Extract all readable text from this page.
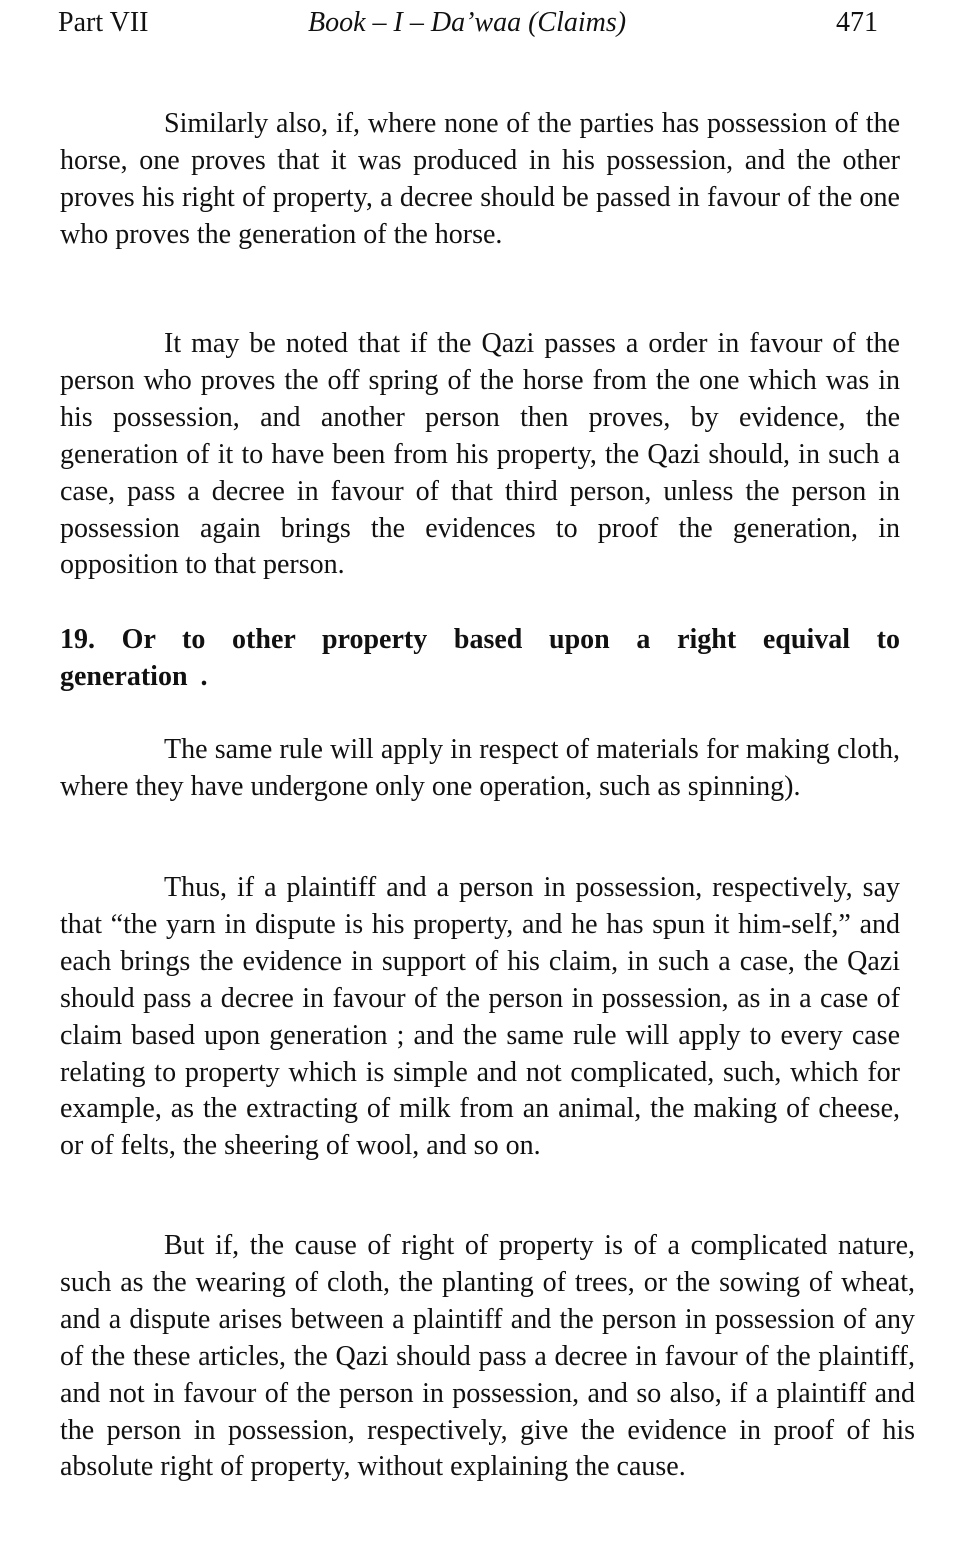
Part VII	Book – I – Da’waa (Claims)	471

Similarly also, if, where none of the parties has possession of the horse, one proves that it was produced in his possession, and the other proves his right of property, a decree should be passed in favour of the one who proves the generation of the horse.

It may be noted that if the Qazi passes a order in favour of the person who proves the off spring of the horse from the one which was in his possession, and another person then proves, by evidence, the generation of it to have been from his property, the Qazi should, in such a case, pass a decree in favour of that third person, unless the person in possession again brings the evidences to proof the generation, in opposition to that person.

19. Or to other property based upon a right equival to generation .

The same rule will apply in respect of materials for making cloth, where they have undergone only one operation, such as spinning).

Thus, if a plaintiff and a person in possession, respectively, say that “the yarn in dispute is his property, and he has spun it him-self,” and each brings the evidence in support of his claim, in such a case, the Qazi should pass a decree in favour of the person in possession, as in a case of claim based upon generation ; and the same rule will apply to every case relating to property which is simple and not complicated, such, which for example, as the extracting of milk from an animal, the making of cheese, or of felts, the sheering of wool, and so on.

But if, the cause of right of property is of a complicated nature, such as the wearing of cloth, the planting of trees, or the sowing of wheat, and a dispute arises between a plaintiff and the person in possession of any of the these articles, the Qazi should pass a decree in favour of the plaintiff, and not in favour of the person in possession, and so also, if a plaintiff and the person in possession, respectively, give the evidence in proof of his absolute right of property, without explaining the cause.
